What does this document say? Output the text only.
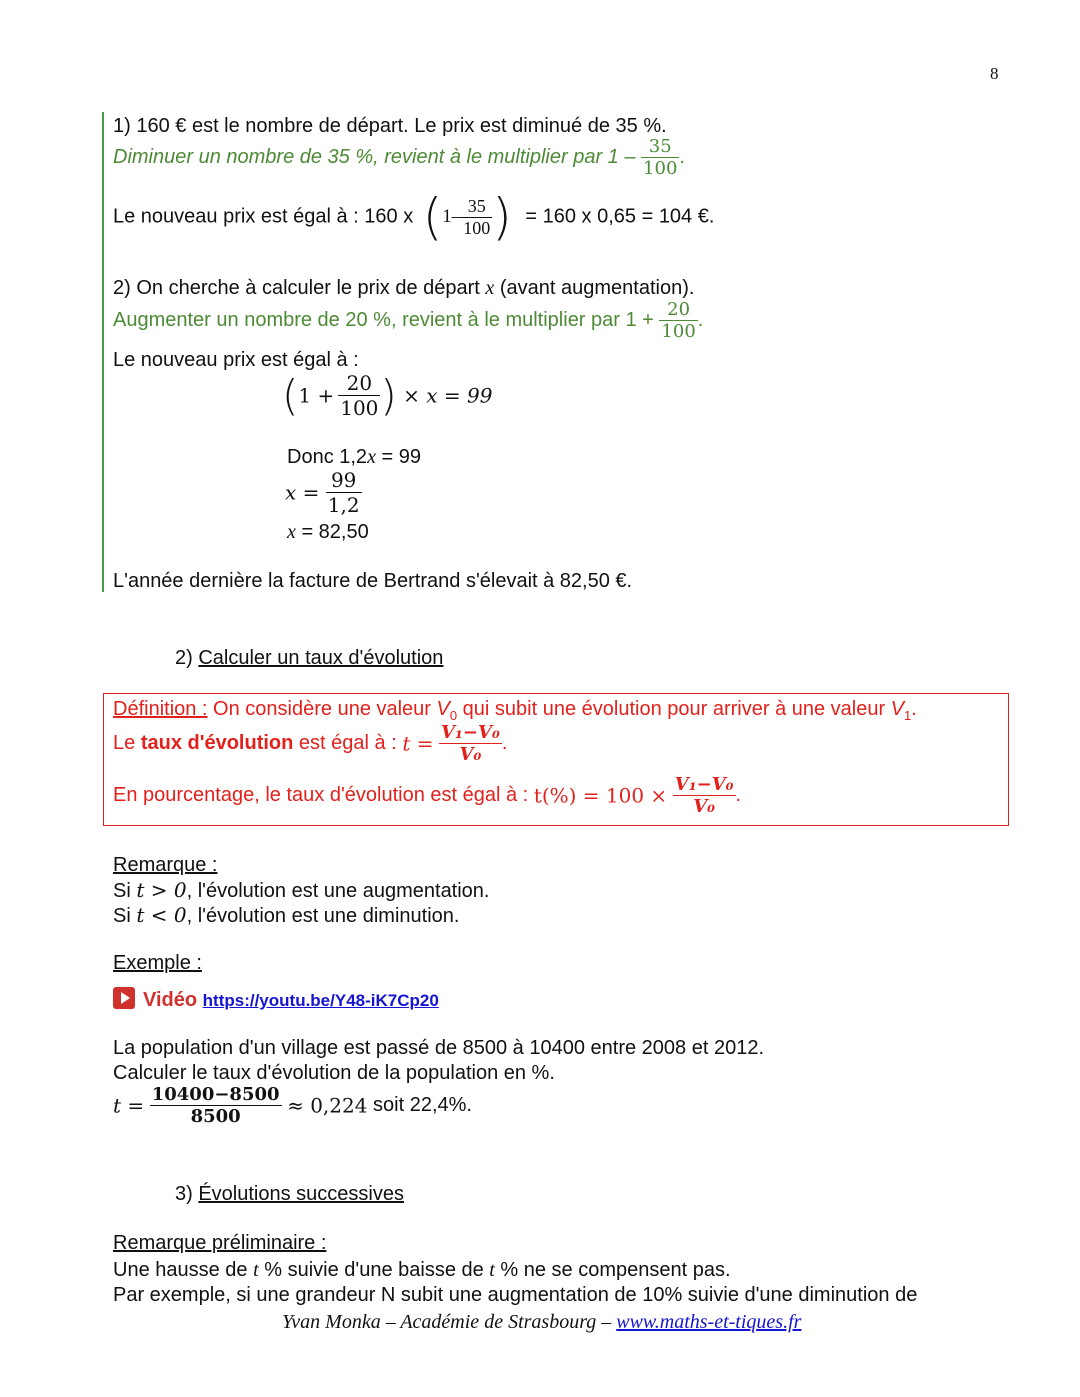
8
1) 160 € est le nombre de départ. Le prix est diminué de 35 %.
Diminuer un nombre de 35 %, revient à le multiplier par $1 - \frac{35}{100}$ .
Le nouveau prix est égal à : 160 x ($1- \frac{35}{100}$ ) = 160 x 0,65 = 104 €.
2) On cherche à calculer le prix de départ x (avant augmentation).
Augmenter un nombre de 20 %, revient à le multiplier par $1 + \frac{20}{100}$ .
Le nouveau prix est égal à :
($1 + \frac{20}{100}$ ) × x = 99
Donc 1,2x = 99
$x = \frac{99}{1,2}$
x = 82,50
L'année dernière la facture de Bertrand s'élevait à 82,50 €.
2) Calculer un taux d'évolution
Définition : On considère une valeur $V_0$ qui subit une évolution pour arriver à une valeur $V_1$.
Le taux d'évolution est égal à : $t = \frac{\text{V₁−V₀}}{\text{V₀}}$ .
En pourcentage, le taux d'évolution est égal à : $t(\%) = 100 \times \frac{\text{V₁−V₀}}{\text{V₀}}$ .
Remarque :
Si t > 0, l'évolution est une augmentation.
Si t < 0, l'évolution est une diminution.
Exemple :
Vidéo https://youtu.be/Y48-iK7Cp20
La population d'un village est passé de 8500 à 10400 entre 2008 et 2012.
Calculer le taux d'évolution de la population en %.
$t = \frac{10400-8500}{8500} \approx 0,224$ soit 22,4%.
3) Évolutions successives
Remarque préliminaire :
Une hausse de t % suivie d'une baisse de t % ne se compensent pas.
Par exemple, si une grandeur N subit une augmentation de 10% suivie d'une diminution de
Yvan Monka – Académie de Strasbourg – www.maths-et-tiques.fr
